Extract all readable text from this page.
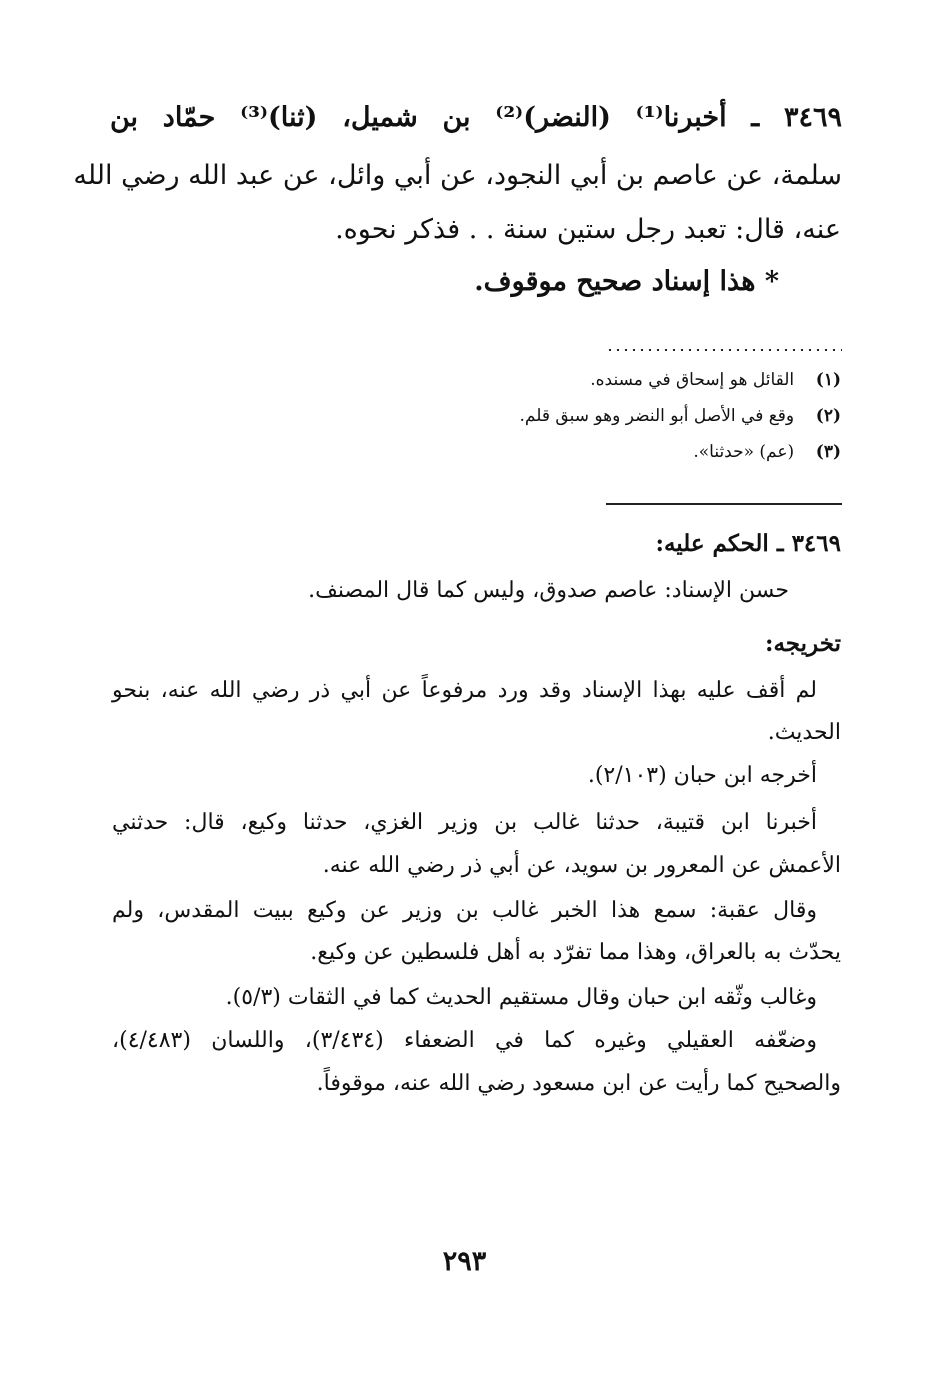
٣٤٦٩ ـ أخبرنا⁽¹⁾ (النضر)⁽²⁾ بن شميل، (ثنا)⁽³⁾ حمّاد بن
سلمة، عن عاصم بن أبي النجود، عن أبي وائل، عن عبد الله رضي الله
عنه، قال: تعبد رجل ستين سنة . . فذكر نحوه.
* هذا إسناد صحيح موقوف.
(١)    القائل هو إسحاق في مسنده.
(٢)    وقع في الأصل أبو النضر وهو سبق قلم.
(٣)    (عم) «حدثنا».
٣٤٦٩ ـ الحكم عليه:
حسن الإسناد: عاصم صدوق، وليس كما قال المصنف.
تخريجه:
لم أقف عليه بهذا الإسناد وقد ورد مرفوعاً عن أبي ذر رضي الله عنه، بنحو
الحديث.
أخرجه ابن حبان (٢/١٠٣).
أخبرنا ابن قتيبة، حدثنا غالب بن وزير الغزي، حدثنا وكيع، قال: حدثني
الأعمش عن المعرور بن سويد، عن أبي ذر رضي الله عنه.
وقال عقبة: سمع هذا الخبر غالب بن وزير عن وكيع ببيت المقدس، ولم
يحدّث به بالعراق، وهذا مما تفرّد به أهل فلسطين عن وكيع.
وغالب وثّقه ابن حبان وقال مستقيم الحديث كما في الثقات (٥/٣).
وضعّفه العقيلي وغيره كما في الضعفاء (٣/٤٣٤)، واللسان (٤/٤٨٣)،
والصحيح كما رأيت عن ابن مسعود رضي الله عنه، موقوفاً.
٢٩٣
